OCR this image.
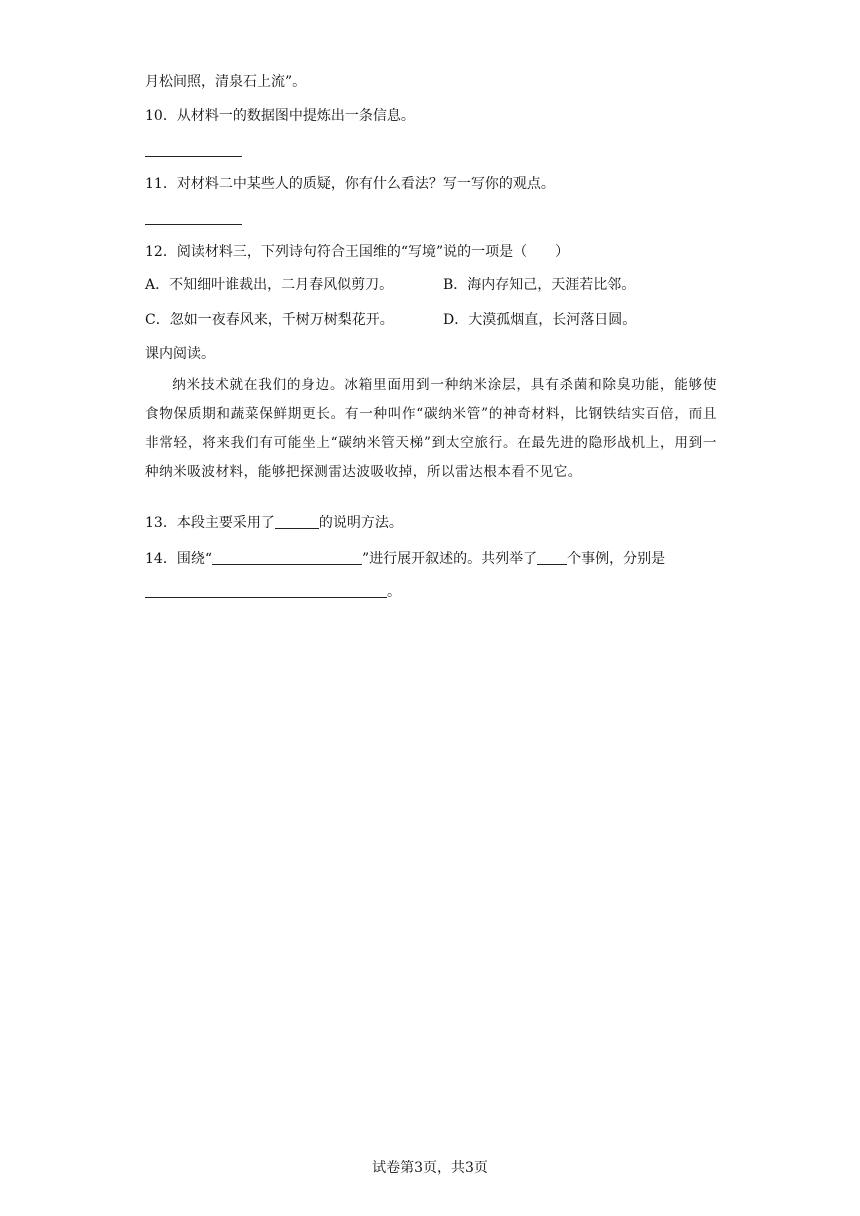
月松间照，清泉石上流”。
10．从材料一的数据图中提炼出一条信息。
11．对材料二中某些人的质疑，你有什么看法？写一写你的观点。
12．阅读材料三，下列诗句符合王国维的“写境”说的一项是（　　）
A．不知细叶谁裁出，二月春风似剪刀。	B．海内存知己，天涯若比邻。
C．忽如一夜春风来，千树万树梨花开。	D．大漠孤烟直，长河落日圆。
课内阅读。

纳米技术就在我们的身边。冰箱里面用到一种纳米涂层，具有杀菌和除臭功能，能够使食物保质期和蔬菜保鲜期更长。有一种叫作“碳纳米管”的神奇材料，比钢铁结实百倍，而且非常轻，将来我们有可能坐上“碳纳米管天梯”到太空旅行。在最先进的隐形战机上，用到一种纳米吸波材料，能够把探测雷达波吸收掉，所以雷达根本看不见它。

13．本段主要采用了	的说明方法。
14．围绕“	”进行展开叙述的。共列举了 个事例，分别是
。
试卷第3页，共3页
